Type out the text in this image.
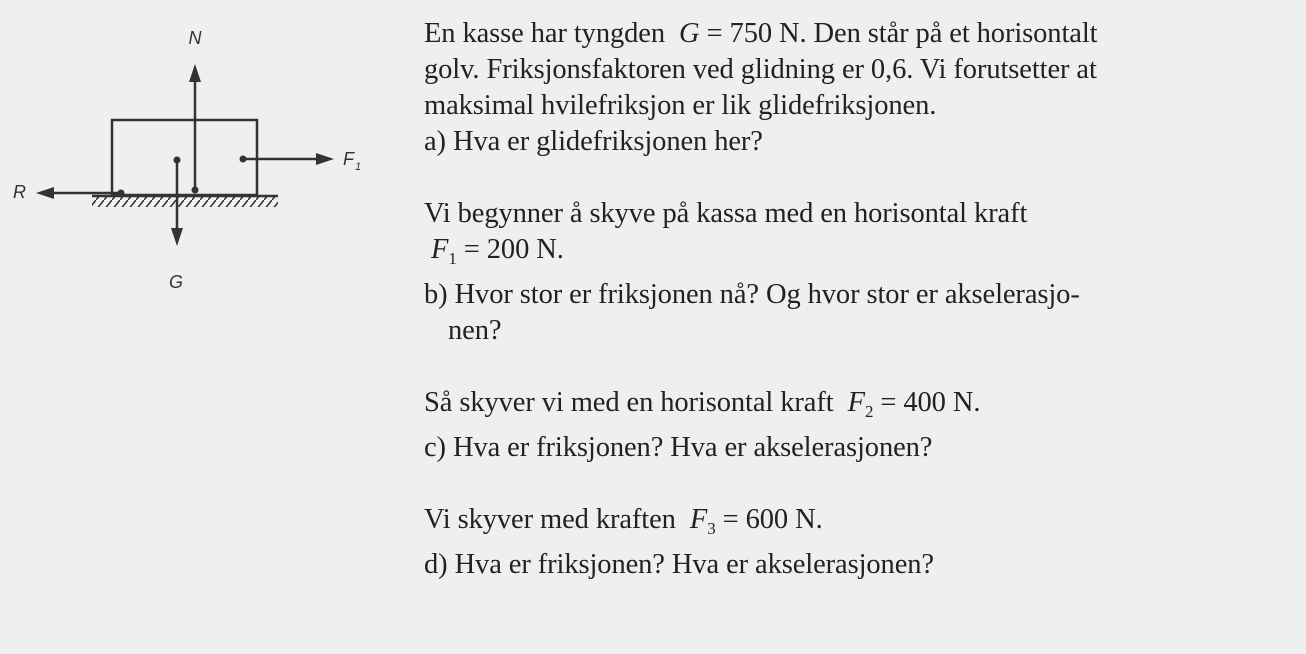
N
G
R
$F_1$

En kasse har tyngden G = 750 N. Den står på et horisontalt

golv. Friksjonsfaktoren ved glidning er 0,6. Vi forutsetter at

maksimal hvilefriksjon er lik glidefriksjonen.

a) Hva er glidefriksjonen her?

Vi begynner å skyve på kassa med en horisontal kraft

$F_1 = 200$ N.

b) Hvor stor er friksjonen nå? Og hvor stor er akselerasjo-

nen?

Så skyver vi med en horisontal kraft $F_2 = 400$ N.

c) Hva er friksjonen? Hva er akselerasjonen?

Vi skyver med kraften $F_3 = 600$ N.

d) Hva er friksjonen? Hva er akselerasjonen?
